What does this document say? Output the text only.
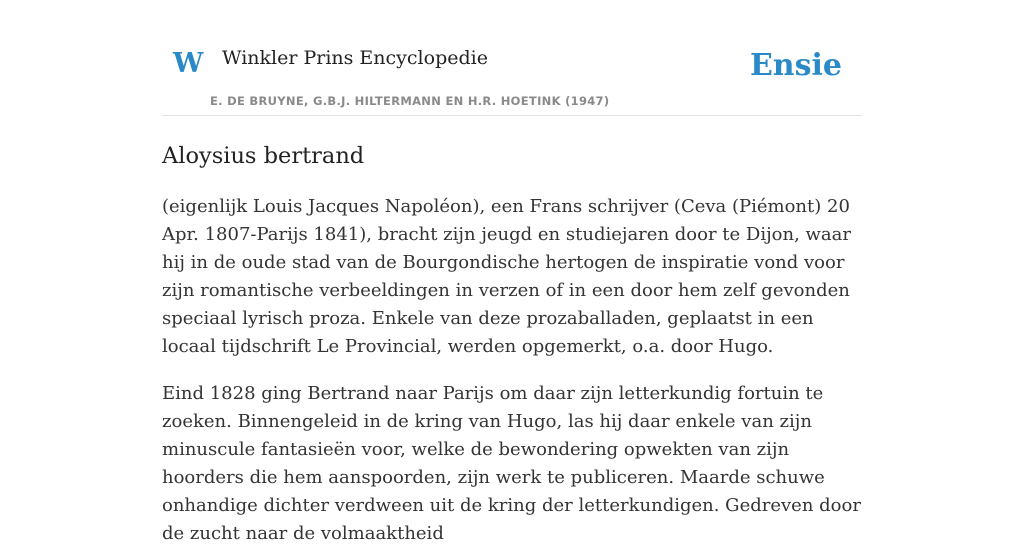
W Winkler Prins Encyclopedie
E. DE BRUYNE, G.B.J. HILTERMANN EN H.R. HOETINK (1947)
Ensie
Aloysius bertrand

(eigenlijk Louis Jacques Napoléon), een Frans schrijver (Ceva (Piémont) 20 Apr. 1807-Parijs 1841), bracht zijn jeugd en studiejaren door te Dijon, waar hij in de oude stad van de Bourgondische hertogen de inspiratie vond voor zijn romantische verbeeldingen in verzen of in een door hem zelf gevonden speciaal lyrisch proza. Enkele van deze prozaballaden, geplaatst in een locaal tijdschrift Le Provincial, werden opgemerkt, o.a. door Hugo.

Eind 1828 ging Bertrand naar Parijs om daar zijn letterkundig fortuin te zoeken. Binnengeleid in de kring van Hugo, las hij daar enkele van zijn minuscule fantasieën voor, welke de bewondering opwekten van zijn hoorders die hem aanspoorden, zijn werk te publiceren. Maarde schuwe onhandige dichter verdween uit de kring der letterkundigen. Gedreven door de zucht naar de volmaaktheid
